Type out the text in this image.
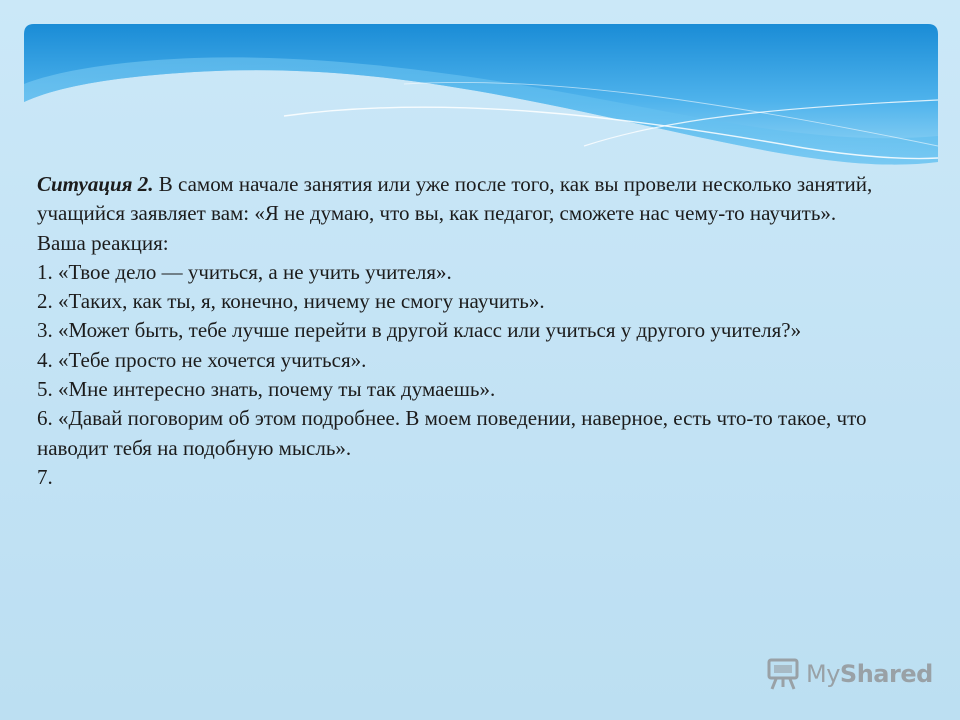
Ситуация 2. В самом начале занятия или уже после того, как вы провели несколько занятий, учащийся заявляет вам: «Я не думаю, что вы, как педагог, сможете нас чему-то научить».

Ваша реакция:

1. «Твое дело — учиться, а не учить учителя».

2. «Таких, как ты, я, конечно, ничему не смогу научить».

3. «Может быть, тебе лучше перейти в другой класс или учиться у другого учителя?»

4. «Тебе просто не хочется учиться».

5. «Мне интересно знать, почему ты так думаешь».

6. «Давай поговорим об этом подробнее. В моем поведении, наверное, есть что-то такое, что наводит тебя на подобную мысль».

7.

MyShared
